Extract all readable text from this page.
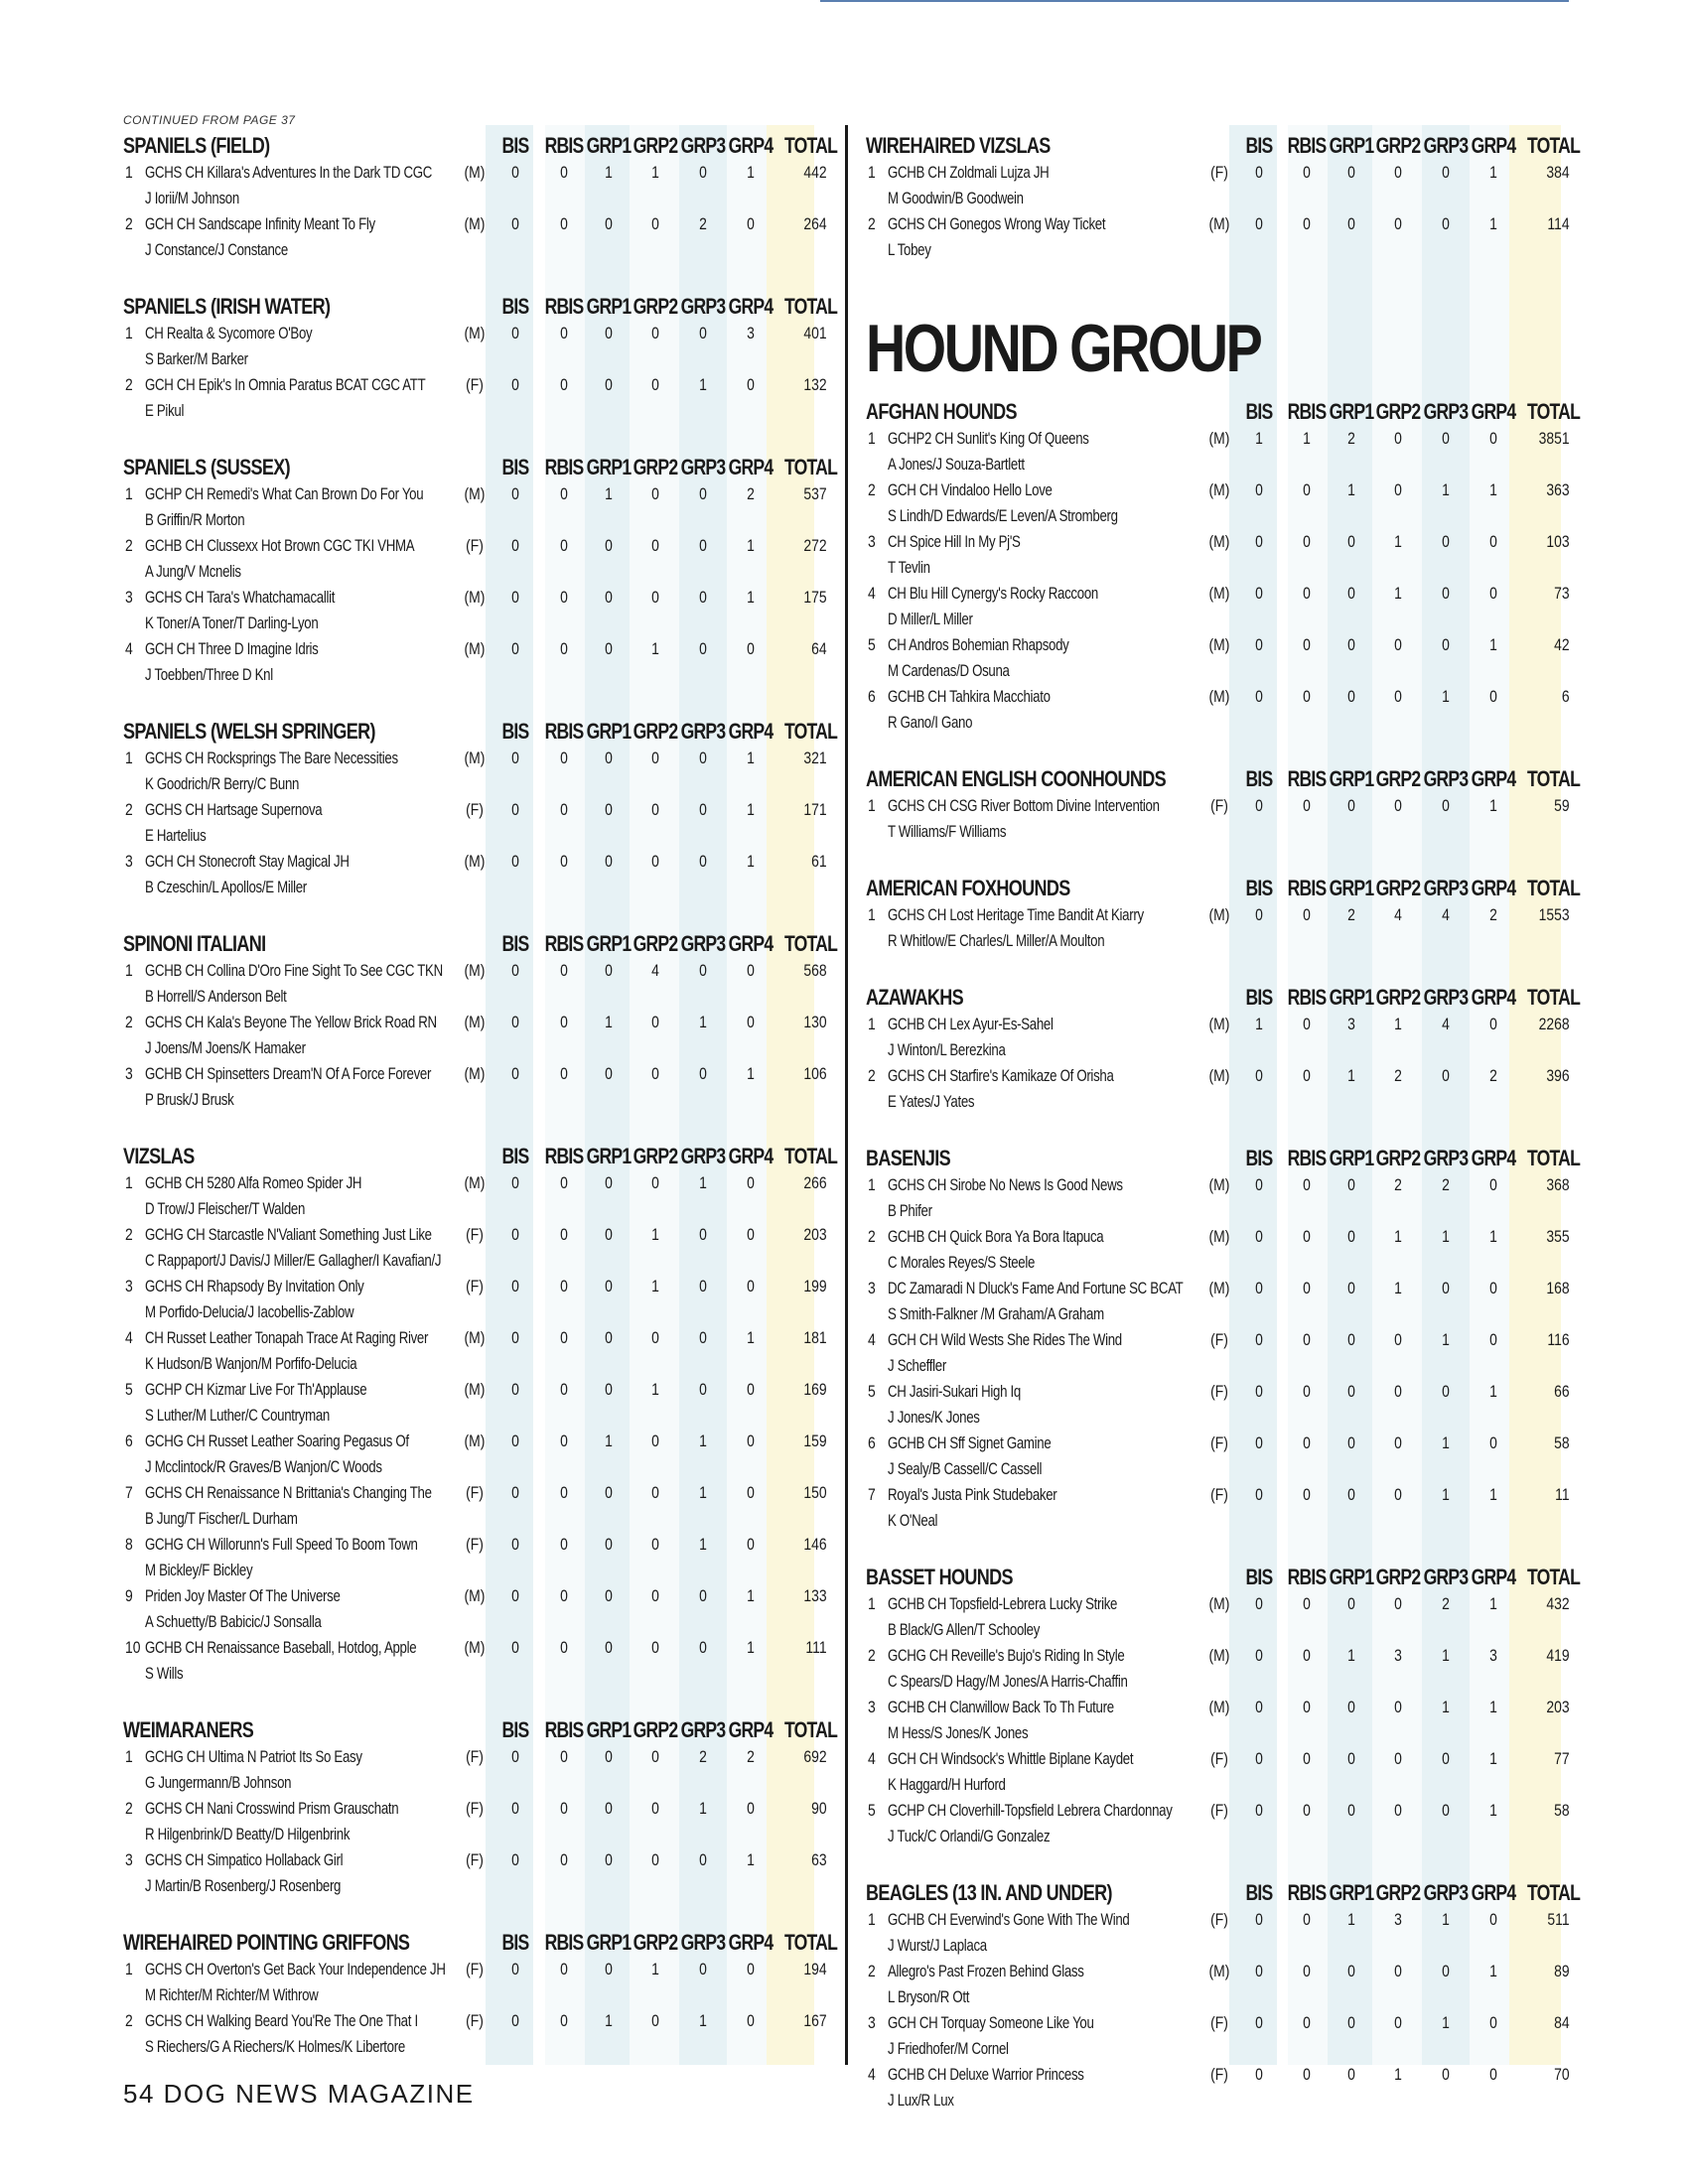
CONTINUED FROM PAGE 37
SPANIELS (FIELD)	BIS RBIS GRP1 GRP2 GRP3 GRP4 TOTAL
1 GCHS CH Killara's Adventures In the Dark TD CGC
J Iorii/M Johnson
(M)	0	0	1	1	0	1	442
2 GCH CH Sandscape Infinity Meant To Fly
J Constance/J Constance
(M)	0	0	0	0	2	0	264
SPANIELS (IRISH WATER)	BIS RBIS GRP1 GRP2 GRP3 GRP4 TOTAL
1 CH Realta & Sycomore O'Boy
S Barker/M Barker
(M)	0	0	0	0	0	3	401
2 GCH CH Epik's In Omnia Paratus BCAT CGC ATT
E Pikul
(F)	0	0	0	0	1	0	132
SPANIELS (SUSSEX)	BIS RBIS GRP1 GRP2 GRP3 GRP4 TOTAL
1 GCHP CH Remedi's What Can Brown Do For You
B Griffin/R Morton
(M)	0	0	1	0	0	2	537
2 GCHB CH Clussexx Hot Brown CGC TKI VHMA
A Jung/V Mcnelis
(F)	0	0	0	0	0	1	272
3 GCHS CH Tara's Whatchamacallit
K Toner/A Toner/T Darling-Lyon
(M)	0	0	0	0	0	1	175
4 GCH CH Three D Imagine Idris
J Toebben/Three D Knl
(M)	0	0	0	1	0	0	64
SPANIELS (WELSH SPRINGER)	BIS RBIS GRP1 GRP2 GRP3 GRP4 TOTAL
1 GCHS CH Rocksprings The Bare Necessities
K Goodrich/R Berry/C Bunn
(M)	0	0	0	0	0	1	321
2 GCHS CH Hartsage Supernova
E Hartelius
(F)	0	0	0	0	0	1	171
3 GCH CH Stonecroft Stay Magical JH
B Czeschin/L Apollos/E Miller
(M)	0	0	0	0	0	1	61
SPINONI ITALIANI	BIS RBIS GRP1 GRP2 GRP3 GRP4 TOTAL
1 GCHB CH Collina D'Oro Fine Sight To See CGC TKN
B Horrell/S Anderson Belt
(M)	0	0	0	4	0	0	568
2 GCHS CH Kala's Beyone The Yellow Brick Road RN
J Joens/M Joens/K Hamaker
(M)	0	0	1	0	1	0	130
3 GCHB CH Spinsetters Dream'N Of A Force Forever
P Brusk/J Brusk
(M)	0	0	0	0	0	1	106
VIZSLAS	BIS RBIS GRP1 GRP2 GRP3 GRP4 TOTAL
1 GCHB CH 5280 Alfa Romeo Spider JH
D Trow/J Fleischer/T Walden
(M)	0	0	0	0	1	0	266
2 GCHG CH Starcastle N'Valiant Something Just Like
C Rappaport/J Davis/J Miller/E Gallagher/I Kavafian/J
(F)	0	0	0	1	0	0	203
3 GCHS CH Rhapsody By Invitation Only
M Porfido-Delucia/J Iacobellis-Zablow
(F)	0	0	0	1	0	0	199
4 CH Russet Leather Tonapah Trace At Raging River
K Hudson/B Wanjon/M Porfifo-Delucia
(M)	0	0	0	0	0	1	181
5 GCHP CH Kizmar Live For Th'Applause
S Luther/M Luther/C Countryman
(M)	0	0	0	1	0	0	169
6 GCHG CH Russet Leather Soaring Pegasus Of
J Mcclintock/R Graves/B Wanjon/C Woods
(M)	0	0	1	0	1	0	159
7 GCHS CH Renaissance N Brittania's Changing The
B Jung/T Fischer/L Durham
(F)	0	0	0	0	1	0	150
8 GCHG CH Willorunn's Full Speed To Boom Town
M Bickley/F Bickley
(F)	0	0	0	0	1	0	146
9 Priden Joy Master Of The Universe
A Schuetty/B Babicic/J Sonsalla
(M)	0	0	0	0	0	1	133
10 GCHB CH Renaissance Baseball, Hotdog, Apple
S Wills
(M)	0	0	0	0	0	1	111
WEIMARANERS	BIS RBIS GRP1 GRP2 GRP3 GRP4 TOTAL
1 GCHG CH Ultima N Patriot Its So Easy
G Jungermann/B Johnson
(F)	0	0	0	0	2	2	692
2 GCHS CH Nani Crosswind Prism Grauschatn
R Hilgenbrink/D Beatty/D Hilgenbrink
(F)	0	0	0	0	1	0	90
3 GCHS CH Simpatico Hollaback Girl
J Martin/B Rosenberg/J Rosenberg
(F)	0	0	0	0	0	1	63
WIREHAIRED POINTING GRIFFONS	BIS RBIS GRP1 GRP2 GRP3 GRP4 TOTAL
1 GCHS CH Overton's Get Back Your Independence JH
M Richter/M Richter/M Withrow
(F)	0	0	0	1	0	0	194
2 GCHS CH Walking Beard You'Re The One That I
S Riechers/G A Riechers/K Holmes/K Libertore
(F)	0	0	1	0	1	0	167
WIREHAIRED VIZSLAS	BIS RBIS GRP1 GRP2 GRP3 GRP4 TOTAL
1 GCHB CH Zoldmali Lujza JH
M Goodwin/B Goodwein
(F)	0	0	0	0	0	1	384
2 GCHS CH Gonegos Wrong Way Ticket
L Tobey
(M)	0	0	0	0	0	1	114
HOUND GROUP
AFGHAN HOUNDS	BIS RBIS GRP1 GRP2 GRP3 GRP4 TOTAL
1 GCHP2 CH Sunlit's King Of Queens
A Jones/J Souza-Bartlett
(M)	1	1	2	0	0	0	3851
2 GCH CH Vindaloo Hello Love
S Lindh/D Edwards/E Leven/A Stromberg
(M)	0	0	1	0	1	1	363
3 CH Spice Hill In My Pj'S
T Tevlin
(M)	0	0	0	1	0	0	103
4 CH Blu Hill Cynergy's Rocky Raccoon
D Miller/L Miller
(M)	0	0	0	1	0	0	73
5 CH Andros Bohemian Rhapsody
M Cardenas/D Osuna
(M)	0	0	0	0	0	1	42
6 GCHB CH Tahkira Macchiato
R Gano/I Gano
(M)	0	0	0	0	1	0	6
AMERICAN ENGLISH COONHOUNDS	BIS RBIS GRP1 GRP2 GRP3 GRP4 TOTAL
1 GCHS CH CSG River Bottom Divine Intervention
T Williams/F Williams
(F)	0	0	0	0	0	1	59
AMERICAN FOXHOUNDS	BIS RBIS GRP1 GRP2 GRP3 GRP4 TOTAL
1 GCHS CH Lost Heritage Time Bandit At Kiarry
R Whitlow/E Charles/L Miller/A Moulton
(M)	0	0	2	4	4	2	1553
AZAWAKHS	BIS RBIS GRP1 GRP2 GRP3 GRP4 TOTAL
1 GCHB CH Lex Ayur-Es-Sahel
J Winton/L Berezkina
(M)	1	0	3	1	4	0	2268
2 GCHS CH Starfire's Kamikaze Of Orisha
E Yates/J Yates
(M)	0	0	1	2	0	2	396
BASENJIS	BIS RBIS GRP1 GRP2 GRP3 GRP4 TOTAL
1 GCHS CH Sirobe No News Is Good News
B Phifer
(M)	0	0	0	2	2	0	368
2 GCHB CH Quick Bora Ya Bora Itapuca
C Morales Reyes/S Steele
(M)	0	0	0	1	1	1	355
3 DC Zamaradi N Dluck's Fame And Fortune SC BCAT
S Smith-Falkner /M Graham/A Graham
(M)	0	0	0	1	0	0	168
4 GCH CH Wild Wests She Rides The Wind
J Scheffler
(F)	0	0	0	0	1	0	116
5 CH Jasiri-Sukari High Iq
J Jones/K Jones
(F)	0	0	0	0	0	1	66
6 GCHB CH Sff Signet Gamine
J Sealy/B Cassell/C Cassell
(F)	0	0	0	0	1	0	58
7 Royal's Justa Pink Studebaker
K O'Neal
(F)	0	0	0	0	1	1	11
BASSET HOUNDS	BIS RBIS GRP1 GRP2 GRP3 GRP4 TOTAL
1 GCHB CH Topsfield-Lebrera Lucky Strike
B Black/G Allen/T Schooley
(M)	0	0	0	0	2	1	432
2 GCHG CH Reveille's Bujo's Riding In Style
C Spears/D Hagy/M Jones/A Harris-Chaffin
(M)	0	0	1	3	1	3	419
3 GCHB CH Clanwillow Back To Th Future
M Hess/S Jones/K Jones
(M)	0	0	0	0	1	1	203
4 GCH CH Windsock's Whittle Biplane Kaydet
K Haggard/H Hurford
(F)	0	0	0	0	0	1	77
5 GCHP CH Cloverhill-Topsfield Lebrera Chardonnay
J Tuck/C Orlandi/G Gonzalez
(F)	0	0	0	0	0	1	58
BEAGLES (13 IN. AND UNDER)	BIS RBIS GRP1 GRP2 GRP3 GRP4 TOTAL
1 GCHB CH Everwind's Gone With The Wind
J Wurst/J Laplaca
(F)	0	0	1	3	1	0	511
2 Allegro's Past Frozen Behind Glass
L Bryson/R Ott
(M)	0	0	0	0	0	1	89
3 GCH CH Torquay Someone Like You
J Friedhofer/M Cornel
(F)	0	0	0	0	1	0	84
4 GCHB CH Deluxe Warrior Princess
J Lux/R Lux
(F)	0	0	0	1	0	0	70
54 DOG NEWS MAGAZINE
